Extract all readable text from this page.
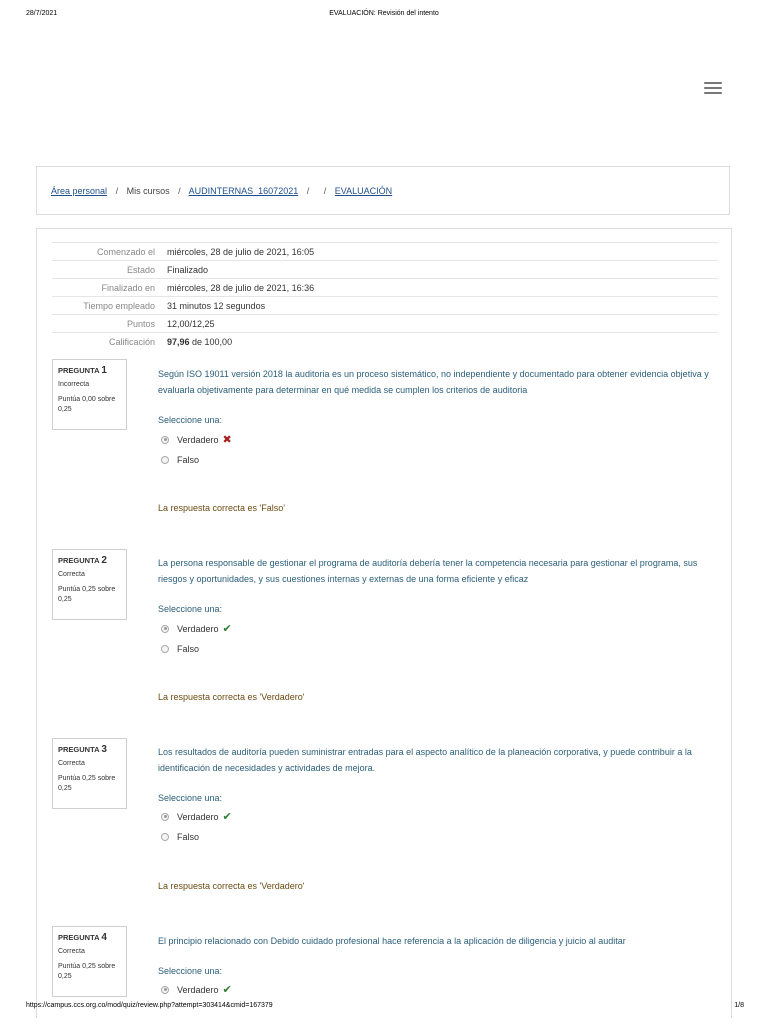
28/7/2021	EVALUACIÓN: Revisión del intento
Área personal / Mis cursos / AUDINTERNAS_16072021 / / EVALUACIÓN
Comenzado el	miércoles, 28 de julio de 2021, 16:05
Estado	Finalizado
Finalizado en	miércoles, 28 de julio de 2021, 16:36
Tiempo empleado	31 minutos 12 segundos
Puntos	12,00/12,25
Calificación	97,96 de 100,00
PREGUNTA 1
Incorrecta
Puntúa 0,00 sobre 0,25
Según ISO 19011 versión 2018 la auditoria es un proceso sistemático, no independiente y documentado para obtener evidencia objetiva y evaluarla objetivamente para determinar en qué medida se cumplen los criterios de auditoria
Seleccione una:
Verdadero ✖
Falso
La respuesta correcta es 'Falso'
PREGUNTA 2
Correcta
Puntúa 0,25 sobre 0,25
La persona responsable de gestionar el programa de auditoría debería tener la competencia necesaria para gestionar el programa, sus riesgos y oportunidades, y sus cuestiones internas y externas de una forma eficiente y eficaz
Seleccione una:
Verdadero ✔
Falso
La respuesta correcta es 'Verdadero'
PREGUNTA 3
Correcta
Puntúa 0,25 sobre 0,25
Los resultados de auditoría pueden suministrar entradas para el aspecto analítico de la planeación corporativa, y puede contribuir a la identificación de necesidades y actividades de mejora.
Seleccione una:
Verdadero ✔
Falso
La respuesta correcta es 'Verdadero'
PREGUNTA 4
Correcta
Puntúa 0,25 sobre 0,25
El principio relacionado con Debido cuidado profesional hace referencia a la aplicación de diligencia y juicio al auditar
Seleccione una:
Verdadero ✔
https://campus.ccs.org.co/mod/quiz/review.php?attempt=303414&cmid=167379	1/8
